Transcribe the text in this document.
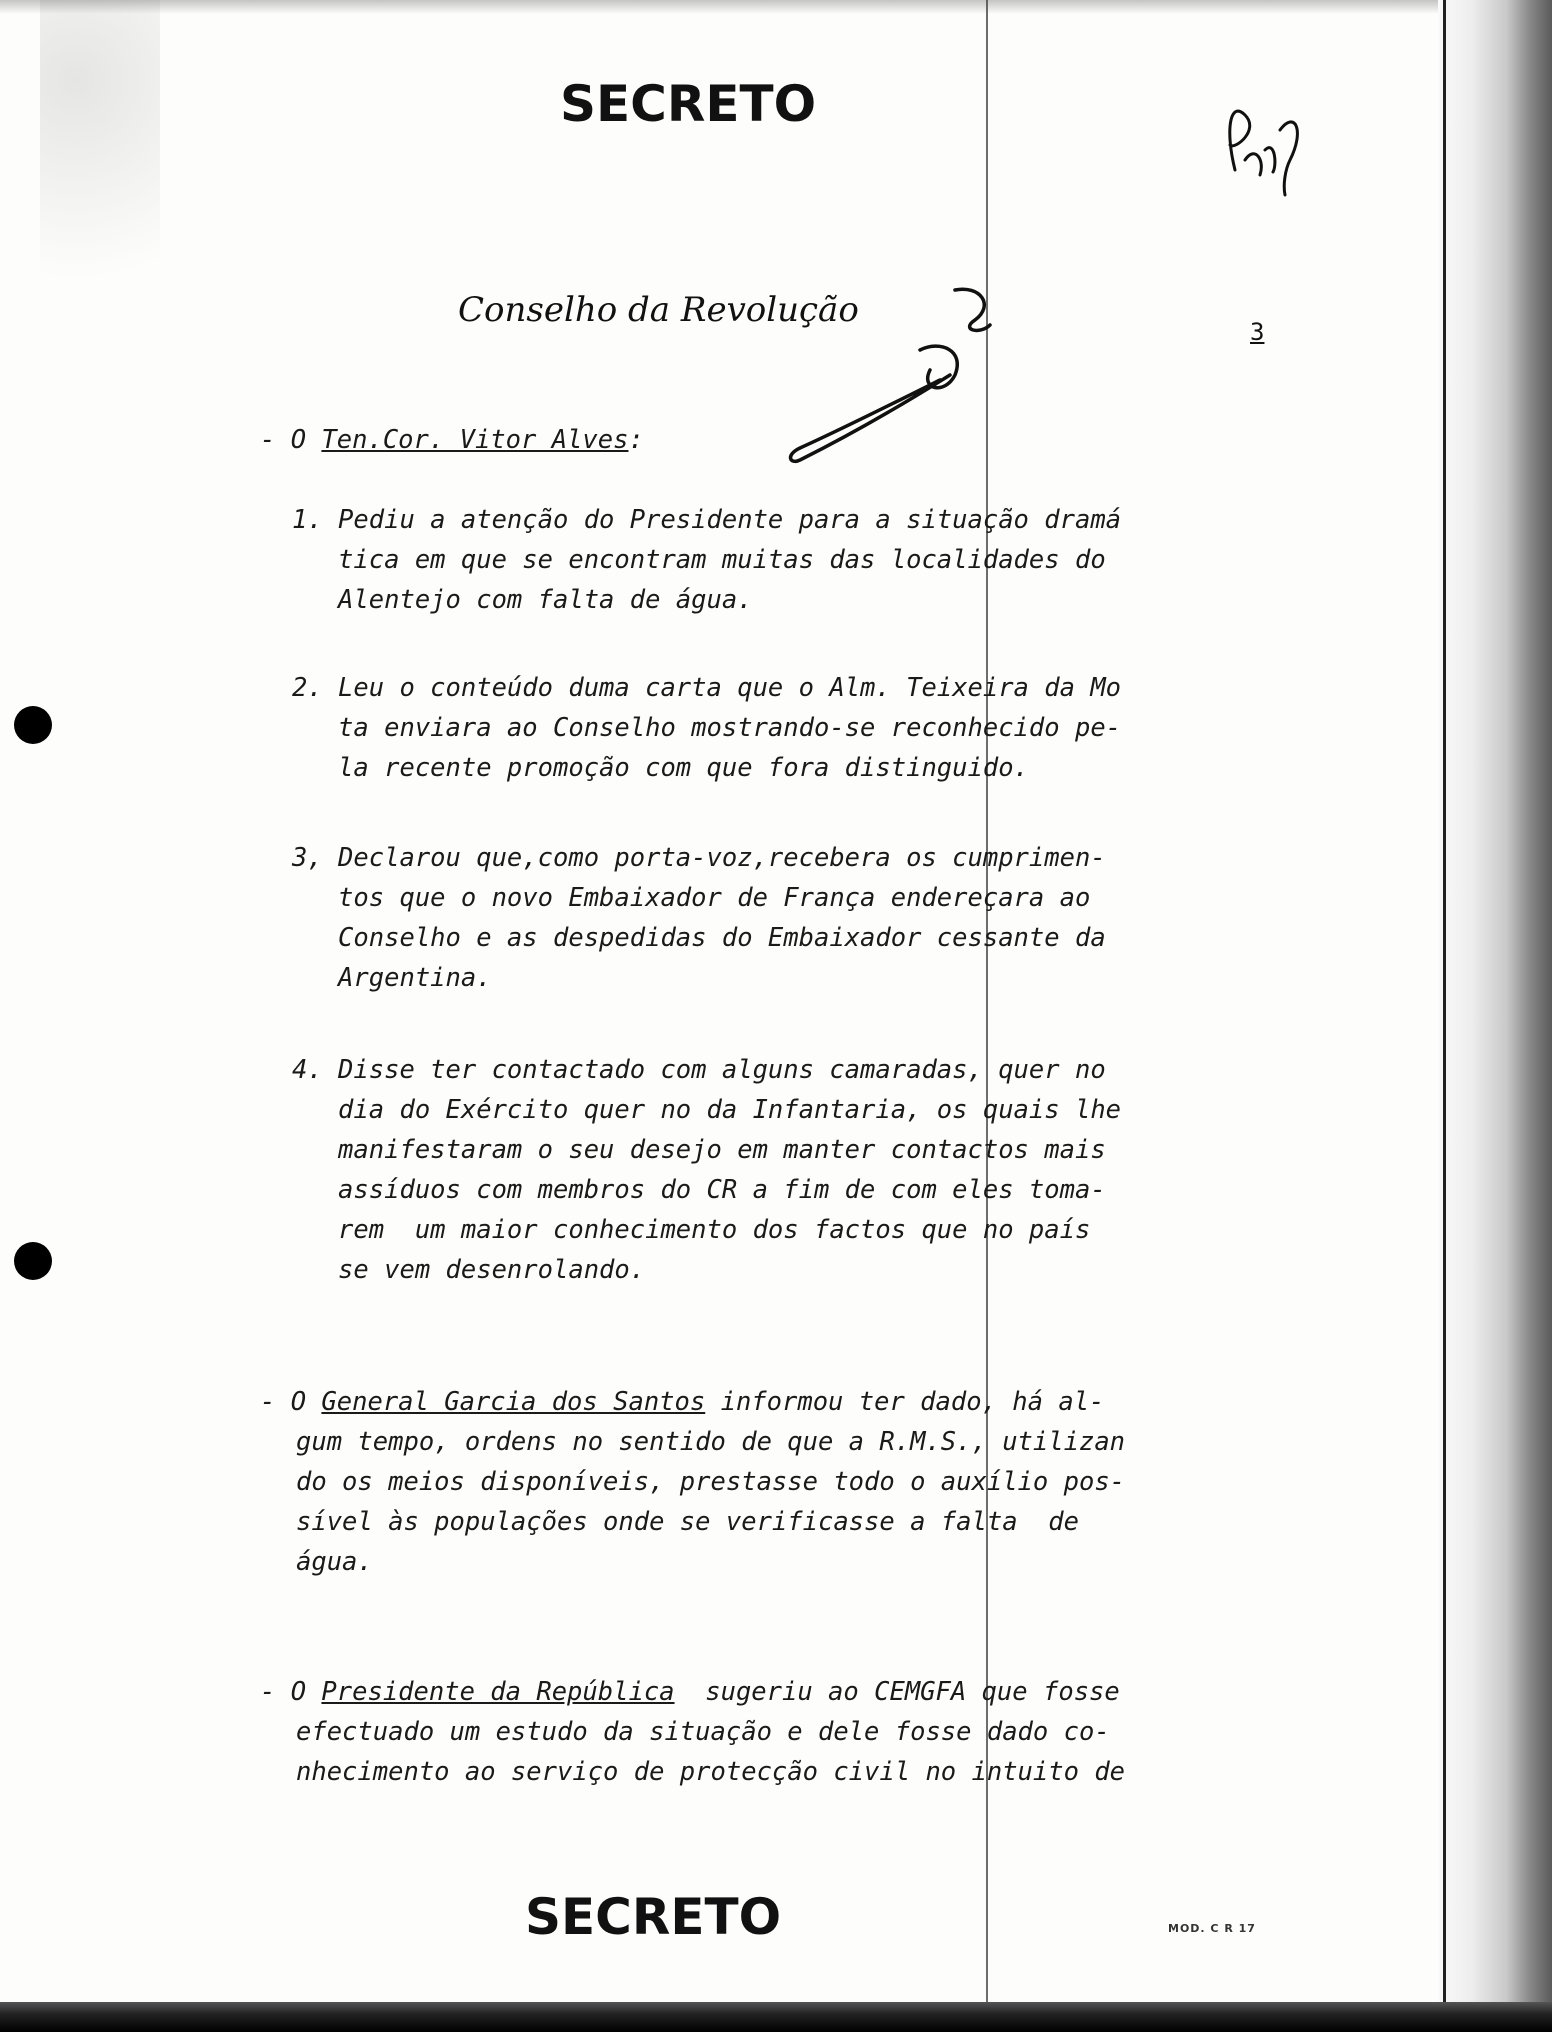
SECRETO
Conselho da Revolução
3
- O Ten.Cor. Vitor Alves:
1. Pediu a atenção do Presidente para a situação dramá
tica em que se encontram muitas das localidades do
Alentejo com falta de água.
2. Leu o conteúdo duma carta que o Alm. Teixeira da Mo
ta enviara ao Conselho mostrando-se reconhecido pe-
la recente promoção com que fora distinguido.
3, Declarou que,como porta-voz,recebera os cumprimen-
tos que o novo Embaixador de França endereçara ao
Conselho e as despedidas do Embaixador cessante da
Argentina.
4. Disse ter contactado com alguns camaradas, quer no
dia do Exército quer no da Infantaria, os quais lhe
manifestaram o seu desejo em manter contactos mais
assíduos com membros do CR a fim de com eles toma-
rem  um maior conhecimento dos factos que no país
se vem desenrolando.
- O General Garcia dos Santos informou ter dado, há al-
gum tempo, ordens no sentido de que a R.M.S., utilizan
do os meios disponíveis, prestasse todo o auxílio pos-
sível às populações onde se verificasse a falta  de
água.
- O Presidente da República  sugeriu ao CEMGFA que fosse
efectuado um estudo da situação e dele fosse dado co-
nhecimento ao serviço de protecção civil no intuito de
SECRETO	MOD. C R 17
